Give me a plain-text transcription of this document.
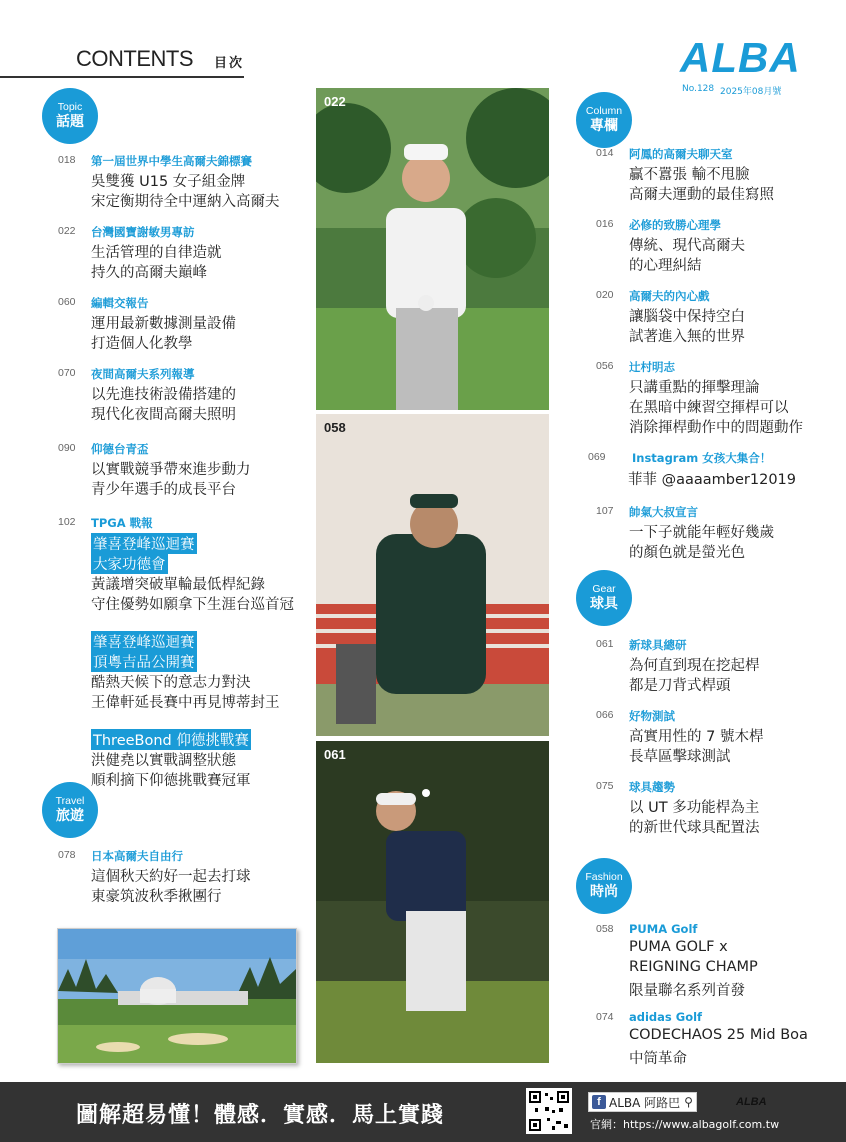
CONTENTS 目次	ALBA
No.128 2025年08月號
Topic
話題
Travel
旅遊
018 第一屆世界中學生高爾夫錦標賽
吳雙獲 U15 女子組金牌
宋定衡期待全中運納入高爾夫
022 台灣國寶謝敏男專訪
生活管理的自律造就
持久的高爾夫巔峰
060 編輯交報告
運用最新數據測量設備
打造個人化教學
070 夜間高爾夫系列報導
以先進技術設備搭建的
現代化夜間高爾夫照明
090 仰德台青盃
以實戰競爭帶來進步動力
青少年選手的成長平台
102 TPGA 戰報
肇喜登峰巡迴賽
大家功德會
黃議增突破單輪最低桿紀錄
守住優勢如願拿下生涯台巡首冠
肇喜登峰巡迴賽
頂粵吉品公開賽
酷熱天候下的意志力對決
王偉軒延長賽中再見博蒂封王
ThreeBond 仰德挑戰賽
洪健堯以實戰調整狀態
順利摘下仰德挑戰賽冠軍
078 日本高爾夫自由行
這個秋天約好一起去打球
東豪筑波秋季揪團行
022
058
061
Column
專欄
Gear
球具
Fashion
時尚
014 阿鳳的高爾夫聊天室
贏不囂張 輸不甩臉
高爾夫運動的最佳寫照
016 必修的致勝心理學
傳統、現代高爾夫
的心理糾結
020 高爾夫的內心戲
讓腦袋中保持空白
試著進入無的世界
056 辻村明志
只講重點的揮擊理論
在黑暗中練習空揮桿可以
消除揮桿動作中的問題動作
069 Instagram 女孩大集合！
菲菲 @aaaamber12019
107 帥氣大叔宣言
一下子就能年輕好幾歲
的顏色就是螢光色
061 新球具總研
為何直到現在挖起桿
都是刀背式桿頭
066 好物測試
高實用性的 7 號木桿
長草區擊球測試
075 球具趨勢
以 UT 多功能桿為主
的新世代球具配置法
058 PUMA Golf
PUMA GOLF x
REIGNING CHAMP
限量聯名系列首發
074 adidas Golf
CODECHAOS 25 Mid Boa
中筒革命
圖解超易懂！體感．實感．馬上實踐
f ALBA 阿路巴 ⚲	ALBA
官網：https://www.albagolf.com.tw
